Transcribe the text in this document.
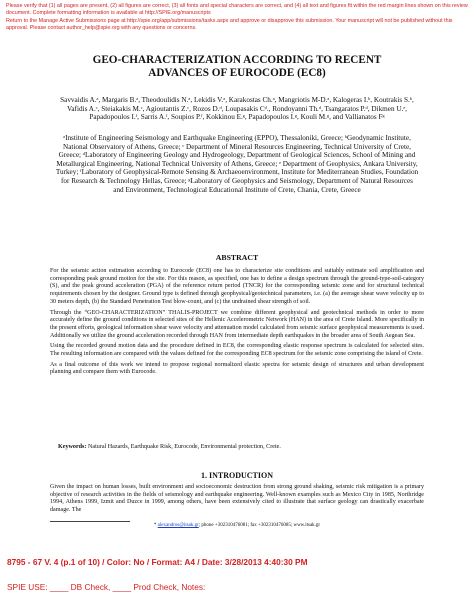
Please verify that (1) all pages are present, (2) all figures are correct, (3) all fonts and special characters are correct, and (4) all text and figures fit within the red margin lines shown on this review document. Complete formatting information is available at http://SPIE.org/manuscripts

Return to the Manage Active Submissions page at http://spie.org/app/submissions/tasks.aspx and approve or disapprove this submission. Your manuscript will not be published without this approval. Please contact author_help@spie.org with any questions or concerns.

GEO-CHARACTERIZATION ACCORDING TO RECENT
ADVANCES OF EUROCODE (EC8)
Savvaidis A.ᵃ, Margaris B.ᵃ, Theodoulidis N.ᵃ, Lekidis V.ᵃ, Karakostas Ch.ᵃ, Mangriotis M-D.ᵃ, Kalogeras I.ᵇ, Koutrakis S.ᵇ, Vafidis A.ᶜ, Steiakakis M.ᶜ, Agioutantis Z.ᶜ, Rozos D.ᵈ, Loupasakis Cᵈ., Rondoyanni Th.ᵈ, Tsangaratos P.ᵈ, Dikmen U.ᵉ, Papadopoulos I.ᶠ, Sarris A.ᶠ, Soupios P.ᶠ, Kokkinou E.ᵍ, Papadopoulos I.ᵍ, Kouli M.ᵍ, and Vallianatos Fᵍ
ᵃInstitute of Engineering Seismology and Earthquake Engineering (EPPO), Thessaloniki, Greece; ᵇGeodynamic Institute, National Observatory of Athens, Greece; ᶜ Department of Mineral Resources Engineering, Technical University of Crete, Greece; ᵈLaboratory of Engineering Geology and Hydrogeology, Department of Geological Sciences, School of Mining and Metallurgical Engineering, National Technical University of Athens, Greece; ᵉ Department of Geophysics, Ankara University, Turkey; ᶠLaboratory of Geophysical-Remote Sensing & Archaeoenvironment, Institute for Mediterranean Studies, Foundation for Research & Technology Hellas, Greece; ᵍLaboratory of Geophysics and Seismology, Department of Natural Resources and Environment, Technological Educational Institute of Crete, Chania, Crete, Greece
ABSTRACT

For the seismic action estimation according to Eurocode (EC8) one has to characterize site conditions and suitably estimate soil amplification and corresponding peak ground motion for the site. For this reason, as specified, one has to define a design spectrum through the ground-type-soil-category (S), and the peak ground acceleration (PGA) of the reference return period (TNCR) for the corresponding seismic zone and for structural technical requirements chosen by the designer. Ground type is defined through geophysical/geotechnical parameters, i.e. (a) the average shear wave velocity up to 30 meters depth, (b) the Standard Penetration Test blow-count, and (c) the undrained shear strength of soil.

Through the “GEO-CHARACTERIZATION” THALIS-PROJECT we combine different geophysical and geotechnical methods in order to more accurately define the ground conditions in selected sites of the Hellenic Accelerometric Network (HAN) in the area of Crete Island. More specifically in the present efforts, geological information shear wave velocity and attenuation model calculated from seismic surface geophysical measurements is used. Additionally we utilize the ground acceleration recorded through HAN from intermediate depth earthquakes in the broader area of South Aegean Sea.

Using the recorded ground motion data and the procedure defined in EC8, the corresponding elastic response spectrum is calculated for selected sites. The resulting information are compared with the values defined for the corresponding EC8 spectrum for the seismic zone comprising the island of Crete.

As a final outcome of this work we intend to propose regional normalized elastic spectra for seismic design of structures and urban development planning and compare them with Eurocode.

Keywords: Natural Hazards, Earthquake Risk, Eurocode, Environmental protection, Crete.
1. INTRODUCTION
Given the impact on human losses, built environment and socioeconomic destruction from strong ground shaking, seismic risk mitigation is a primary objective of research activities in the fields of seismology and earthquake engineering. Well-known examples such as Mexico City in 1985, Northridge 1994, Athens 1999, Izmit and Duzce in 1999, among others, have been extensively cited to illustrate that surface geology can drastically exacerbate damage. The
* alexandros@itsak.gr; phone +302310476081; fax +302310476085; www.itsak.gr
8795 - 67 V. 4 (p.1 of 10) / Color: No / Format: A4 / Date: 3/28/2013 4:40:30 PM
SPIE USE: ____ DB Check, ____ Prod Check, Notes:
